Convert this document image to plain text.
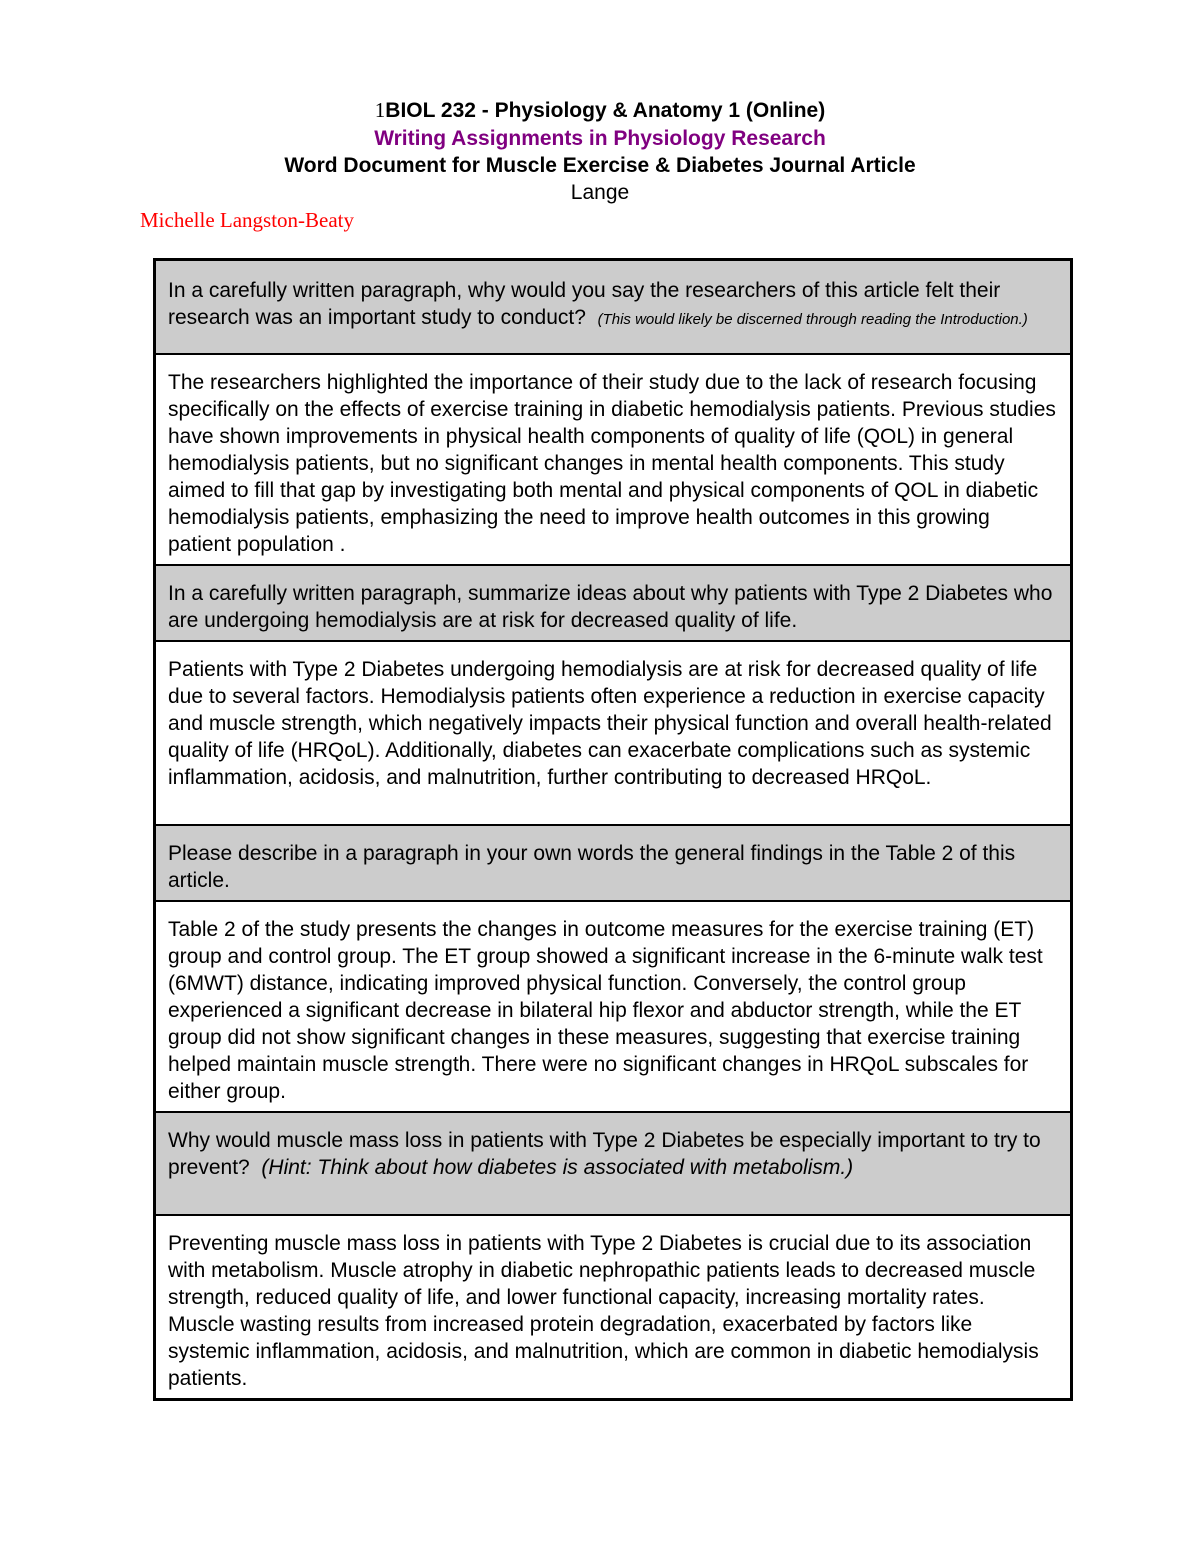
1BIOL 232 - Physiology & Anatomy 1 (Online)
Writing Assignments in Physiology Research
Word Document for Muscle Exercise & Diabetes Journal Article
Lange
Michelle Langston-Beaty
In a carefully written paragraph, why would you say the researchers of this article felt their research was an important study to conduct? (This would likely be discerned through reading the Introduction.)
The researchers highlighted the importance of their study due to the lack of research focusing specifically on the effects of exercise training in diabetic hemodialysis patients. Previous studies have shown improvements in physical health components of quality of life (QOL) in general hemodialysis patients, but no significant changes in mental health components. This study aimed to fill that gap by investigating both mental and physical components of QOL in diabetic hemodialysis patients, emphasizing the need to improve health outcomes in this growing patient population .
In a carefully written paragraph, summarize ideas about why patients with Type 2 Diabetes who are undergoing hemodialysis are at risk for decreased quality of life.
Patients with Type 2 Diabetes undergoing hemodialysis are at risk for decreased quality of life due to several factors. Hemodialysis patients often experience a reduction in exercise capacity and muscle strength, which negatively impacts their physical function and overall health-related quality of life (HRQoL). Additionally, diabetes can exacerbate complications such as systemic inflammation, acidosis, and malnutrition, further contributing to decreased HRQoL.
Please describe in a paragraph in your own words the general findings in the Table 2 of this article.
Table 2 of the study presents the changes in outcome measures for the exercise training (ET) group and control group. The ET group showed a significant increase in the 6-minute walk test (6MWT) distance, indicating improved physical function. Conversely, the control group experienced a significant decrease in bilateral hip flexor and abductor strength, while the ET group did not show significant changes in these measures, suggesting that exercise training helped maintain muscle strength. There were no significant changes in HRQoL subscales for either group.
Why would muscle mass loss in patients with Type 2 Diabetes be especially important to try to prevent? (Hint: Think about how diabetes is associated with metabolism.)
Preventing muscle mass loss in patients with Type 2 Diabetes is crucial due to its association with metabolism. Muscle atrophy in diabetic nephropathic patients leads to decreased muscle strength, reduced quality of life, and lower functional capacity, increasing mortality rates. Muscle wasting results from increased protein degradation, exacerbated by factors like systemic inflammation, acidosis, and malnutrition, which are common in diabetic hemodialysis patients.
